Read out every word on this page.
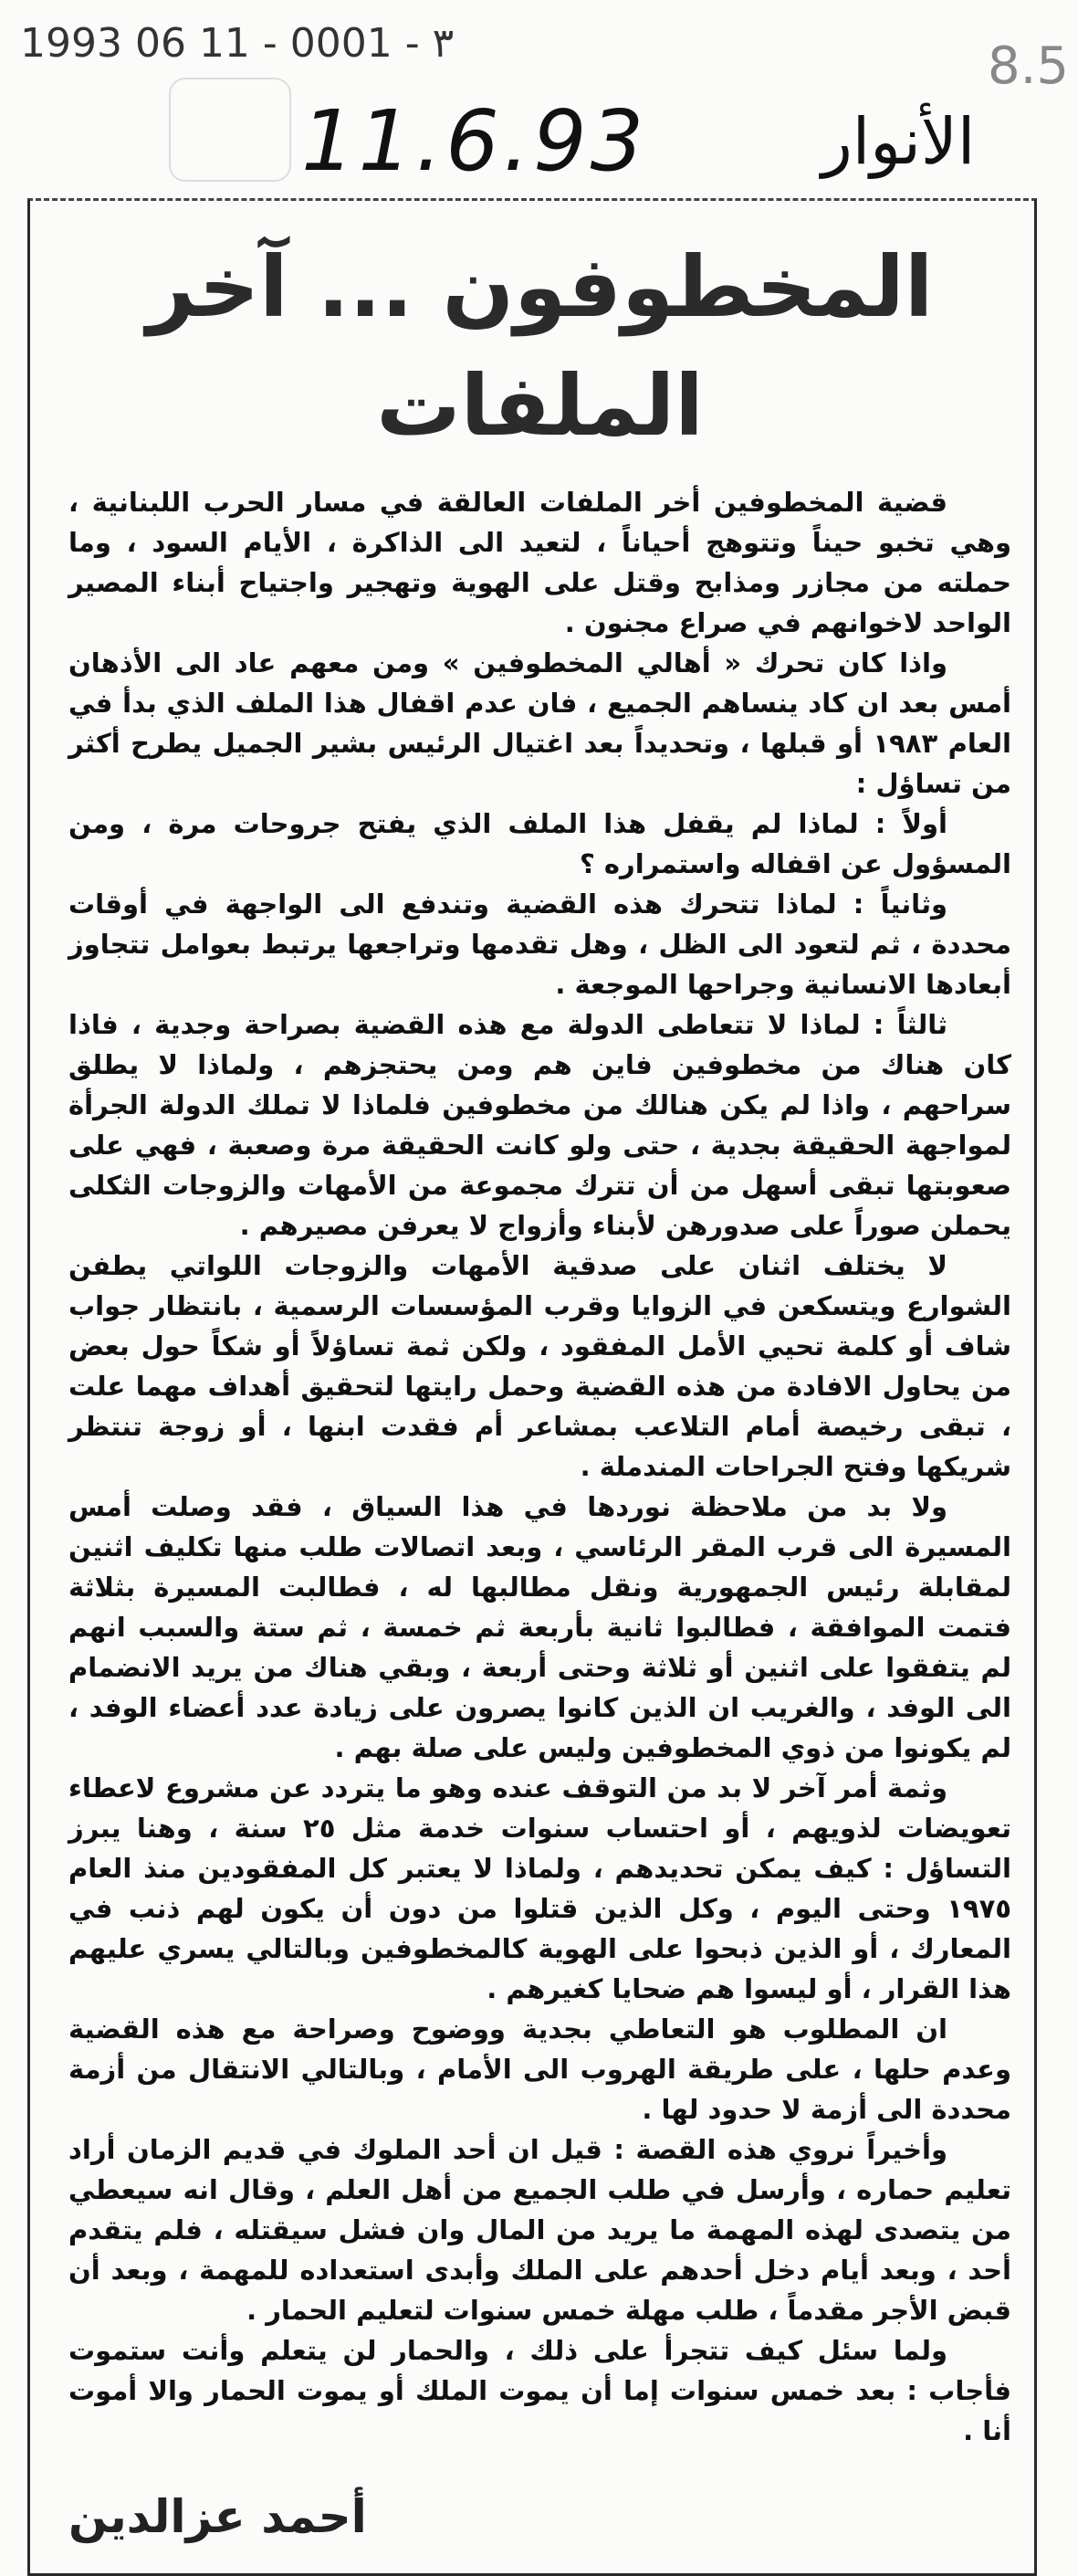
1993 06 11 - 0001 - ٣	8.5
11.6.93	الأنوار
المخطوفون ... آخر الملفات

قضية المخطوفين أخر الملفات العالقة في مسار الحرب اللبنانية ، وهي تخبو حيناً وتتوهج أحياناً ، لتعيد الى الذاكرة ، الأيام السود ، وما حملته من مجازر ومذابح وقتل على الهوية وتهجير واجتياح أبناء المصير الواحد لاخوانهم في صراع مجنون .

واذا كان تحرك « أهالي المخطوفين » ومن معهم عاد الى الأذهان أمس بعد ان كاد ينساهم الجميع ، فان عدم اقفال هذا الملف الذي بدأ في العام ١٩٨٣ أو قبلها ، وتحديداً بعد اغتيال الرئيس بشير الجميل يطرح أكثر من تساؤل :

أولاً : لماذا لم يقفل هذا الملف الذي يفتح جروحات مرة ، ومن المسؤول عن اقفاله واستمراره ؟

وثانياً : لماذا تتحرك هذه القضية وتندفع الى الواجهة في أوقات محددة ، ثم لتعود الى الظل ، وهل تقدمها وتراجعها يرتبط بعوامل تتجاوز أبعادها الانسانية وجراحها الموجعة .

ثالثاً : لماذا لا تتعاطى الدولة مع هذه القضية بصراحة وجدية ، فاذا كان هناك من مخطوفين فاين هم ومن يحتجزهم ، ولماذا لا يطلق سراحهم ، واذا لم يكن هنالك من مخطوفين فلماذا لا تملك الدولة الجرأة لمواجهة الحقيقة بجدية ، حتى ولو كانت الحقيقة مرة وصعبة ، فهي على صعوبتها تبقى أسهل من أن تترك مجموعة من الأمهات والزوجات الثكلى يحملن صوراً على صدورهن لأبناء وأزواج لا يعرفن مصيرهم .

لا يختلف اثنان على صدقية الأمهات والزوجات اللواتي يطفن الشوارع ويتسكعن في الزوايا وقرب المؤسسات الرسمية ، بانتظار جواب شاف أو كلمة تحيي الأمل المفقود ، ولكن ثمة تساؤلاً أو شكاً حول بعض من يحاول الافادة من هذه القضية وحمل رايتها لتحقيق أهداف مهما علت ، تبقى رخيصة أمام التلاعب بمشاعر أم فقدت ابنها ، أو زوجة تنتظر شريكها وفتح الجراحات المندملة .

ولا بد من ملاحظة نوردها في هذا السياق ، فقد وصلت أمس المسيرة الى قرب المقر الرئاسي ، وبعد اتصالات طلب منها تكليف اثنين لمقابلة رئيس الجمهورية ونقل مطالبها له ، فطالبت المسيرة بثلاثة فتمت الموافقة ، فطالبوا ثانية بأربعة ثم خمسة ، ثم ستة والسبب انهم لم يتفقوا على اثنين أو ثلاثة وحتى أربعة ، وبقي هناك من يريد الانضمام الى الوفد ، والغريب ان الذين كانوا يصرون على زيادة عدد أعضاء الوفد ، لم يكونوا من ذوي المخطوفين وليس على صلة بهم .

وثمة أمر آخر لا بد من التوقف عنده وهو ما يتردد عن مشروع لاعطاء تعويضات لذويهم ، أو احتساب سنوات خدمة مثل ٢٥ سنة ، وهنا يبرز التساؤل : كيف يمكن تحديدهم ، ولماذا لا يعتبر كل المفقودين منذ العام ١٩٧٥ وحتى اليوم ، وكل الذين قتلوا من دون أن يكون لهم ذنب في المعارك ، أو الذين ذبحوا على الهوية كالمخطوفين وبالتالي يسري عليهم هذا القرار ، أو ليسوا هم ضحايا كغيرهم .

ان المطلوب هو التعاطي بجدية ووضوح وصراحة مع هذه القضية وعدم حلها ، على طريقة الهروب الى الأمام ، وبالتالي الانتقال من أزمة محددة الى أزمة لا حدود لها .

وأخيراً نروي هذه القصة : قيل ان أحد الملوك في قديم الزمان أراد تعليم حماره ، وأرسل في طلب الجميع من أهل العلم ، وقال انه سيعطي من يتصدى لهذه المهمة ما يريد من المال وان فشل سيقتله ، فلم يتقدم أحد ، وبعد أيام دخل أحدهم على الملك وأبدى استعداده للمهمة ، وبعد أن قبض الأجر مقدماً ، طلب مهلة خمس سنوات لتعليم الحمار .

ولما سئل كيف تتجرأ على ذلك ، والحمار لن يتعلم وأنت ستموت فأجاب : بعد خمس سنوات إما أن يموت الملك أو يموت الحمار والا أموت أنا .

أحمد عزالدين
